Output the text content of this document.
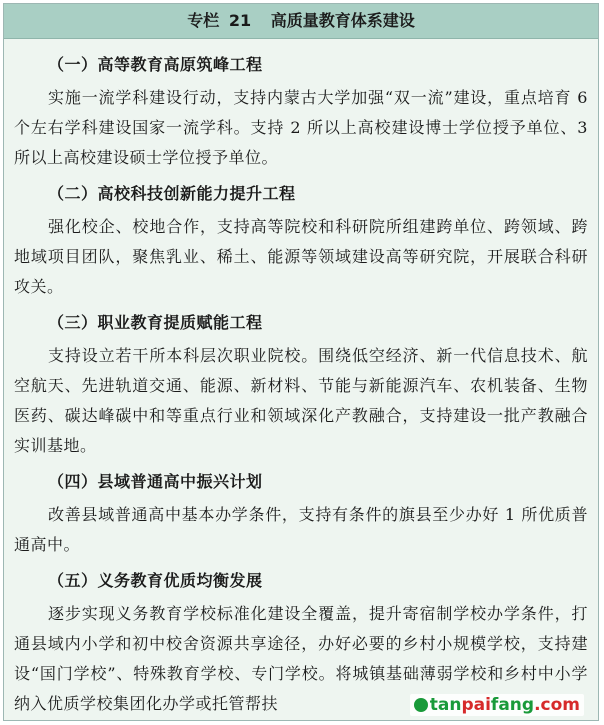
专栏 21 高质量教育体系建设

（一）高等教育高原筑峰工程

实施一流学科建设行动，支持内蒙古大学加强“双一流”建设，重点培育 6 个左右学科建设国家一流学科。支持 2 所以上高校建设博士学位授予单位、3 所以上高校建设硕士学位授予单位。

（二）高校科技创新能力提升工程

强化校企、校地合作，支持高等院校和科研院所组建跨单位、跨领域、跨地域项目团队，聚焦乳业、稀土、能源等领域建设高等研究院，开展联合科研攻关。

（三）职业教育提质赋能工程

支持设立若干所本科层次职业院校。围绕低空经济、新一代信息技术、航空航天、先进轨道交通、能源、新材料、节能与新能源汽车、农机装备、生物医药、碳达峰碳中和等重点行业和领域深化产教融合，支持建设一批产教融合实训基地。

（四）县域普通高中振兴计划

改善县域普通高中基本办学条件，支持有条件的旗县至少办好 1 所优质普通高中。

（五）义务教育优质均衡发展

逐步实现义务教育学校标准化建设全覆盖，提升寄宿制学校办学条件，打通县域内小学和初中校舍资源共享途径，办好必要的乡村小规模学校，支持建设“国门学校”、特殊教育学校、专门学校。将城镇基础薄弱学校和乡村中小学纳入优质学校集团化办学或托管帮扶	tanpaifang.com
